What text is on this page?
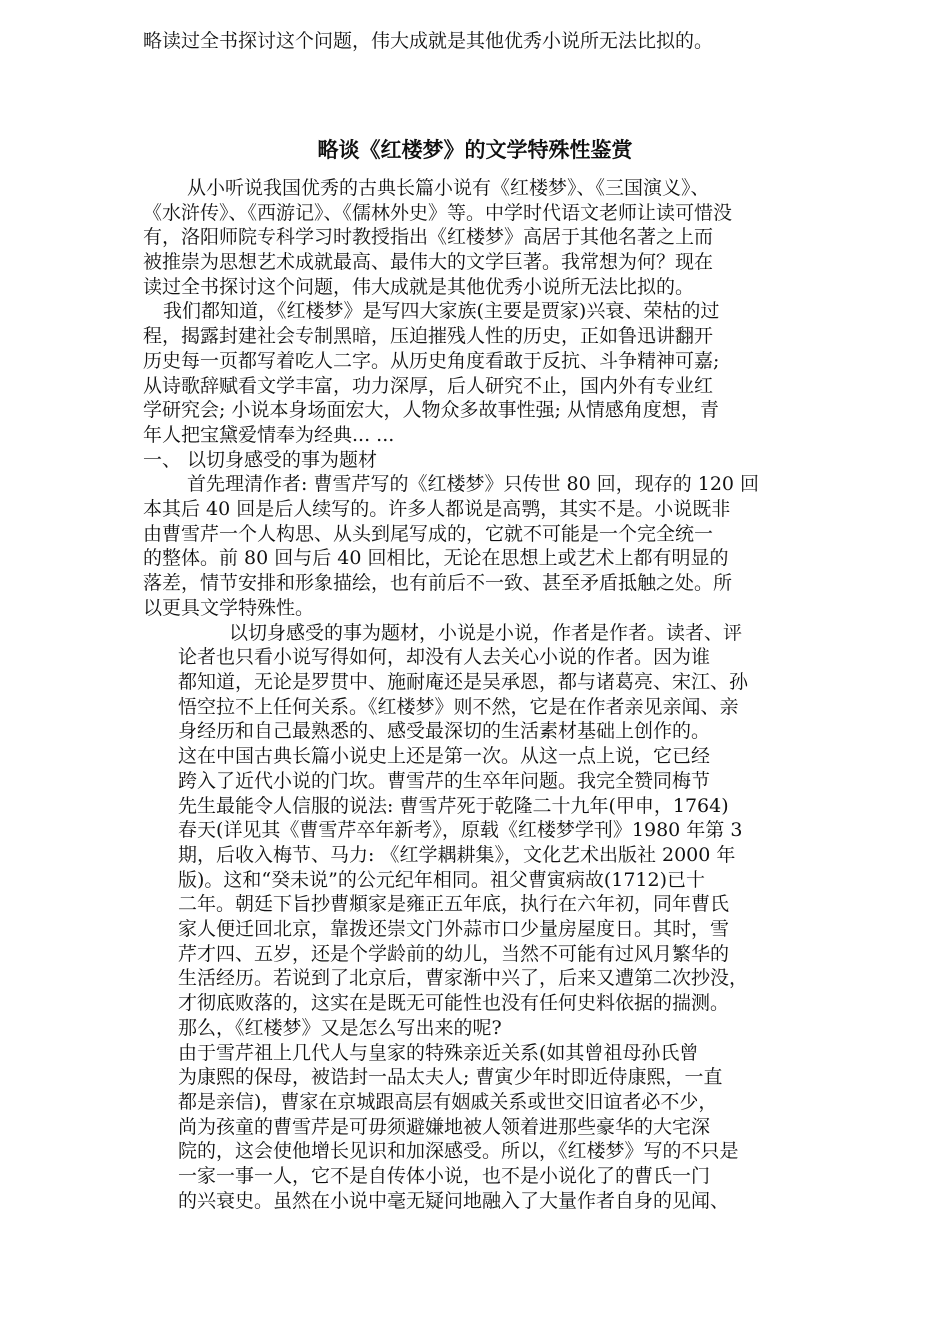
略读过全书探讨这个问题，伟大成就是其他优秀小说所无法比拟的。
略谈《红楼梦》的文学特殊性鉴赏
从小听说我国优秀的古典长篇小说有《红楼梦》、《三国演义》、
《水浒传》、《西游记》、《儒林外史》等。中学时代语文老师让读可惜没
有，洛阳师院专科学习时教授指出《红楼梦》高居于其他名著之上而
被推崇为思想艺术成就最高、最伟大的文学巨著。我常想为何？现在
读过全书探讨这个问题，伟大成就是其他优秀小说所无法比拟的。
我们都知道，《红楼梦》是写四大家族(主要是贾家)兴衰、荣枯的过
程，揭露封建社会专制黑暗，压迫摧残人性的历史，正如鲁迅讲翻开
历史每一页都写着吃人二字。从历史角度看敢于反抗、斗争精神可嘉;
从诗歌辞赋看文学丰富，功力深厚，后人研究不止，国内外有专业红
学研究会; 小说本身场面宏大，人物众多故事性强; 从情感角度想，青
年人把宝黛爱情奉为经典... ...
一、 以切身感受的事为题材
首先理清作者: 曹雪芹写的《红楼梦》只传世 80 回，现存的 120 回
本其后 40 回是后人续写的。许多人都说是高鹗，其实不是。小说既非
由曹雪芹一个人构思、从头到尾写成的，它就不可能是一个完全统一
的整体。前 80 回与后 40 回相比，无论在思想上或艺术上都有明显的
落差，情节安排和形象描绘，也有前后不一致、甚至矛盾抵触之处。所
以更具文学特殊性。
以切身感受的事为题材，小说是小说，作者是作者。读者、评
论者也只看小说写得如何，却没有人去关心小说的作者。因为谁
都知道，无论是罗贯中、施耐庵还是吴承恩，都与诸葛亮、宋江、孙
悟空拉不上任何关系。《红楼梦》则不然，它是在作者亲见亲闻、亲
身经历和自己最熟悉的、感受最深切的生活素材基础上创作的。
这在中国古典长篇小说史上还是第一次。从这一点上说，它已经
跨入了近代小说的门坎。曹雪芹的生卒年问题。我完全赞同梅节
先生最能令人信服的说法: 曹雪芹死于乾隆二十九年(甲申，1764)
春天(详见其《曹雪芹卒年新考》，原载《红楼梦学刊》1980 年第 3
期，后收入梅节、马力: 《红学耦耕集》，文化艺术出版社 2000 年
版)。这和“癸未说”的公元纪年相同。祖父曹寅病故(1712)已十
二年。朝廷下旨抄曹頫家是雍正五年底，执行在六年初，同年曹氏
家人便迁回北京，靠拨还崇文门外蒜市口少量房屋度日。其时，雪
芹才四、五岁，还是个学龄前的幼儿，当然不可能有过风月繁华的
生活经历。若说到了北京后，曹家渐中兴了，后来又遭第二次抄没，
才彻底败落的，这实在是既无可能性也没有任何史料依据的揣测。
那么，《红楼梦》又是怎么写出来的呢?
由于雪芹祖上几代人与皇家的特殊亲近关系(如其曾祖母孙氏曾
为康熙的保母，被诰封一品太夫人; 曹寅少年时即近侍康熙，一直
都是亲信)，曹家在京城跟高层有姻戚关系或世交旧谊者必不少，
尚为孩童的曹雪芹是可毋须避嫌地被人领着进那些豪华的大宅深
院的，这会使他增长见识和加深感受。所以，《红楼梦》写的不只是
一家一事一人，它不是自传体小说，也不是小说化了的曹氏一门
的兴衰史。虽然在小说中毫无疑问地融入了大量作者自身的见闻、
